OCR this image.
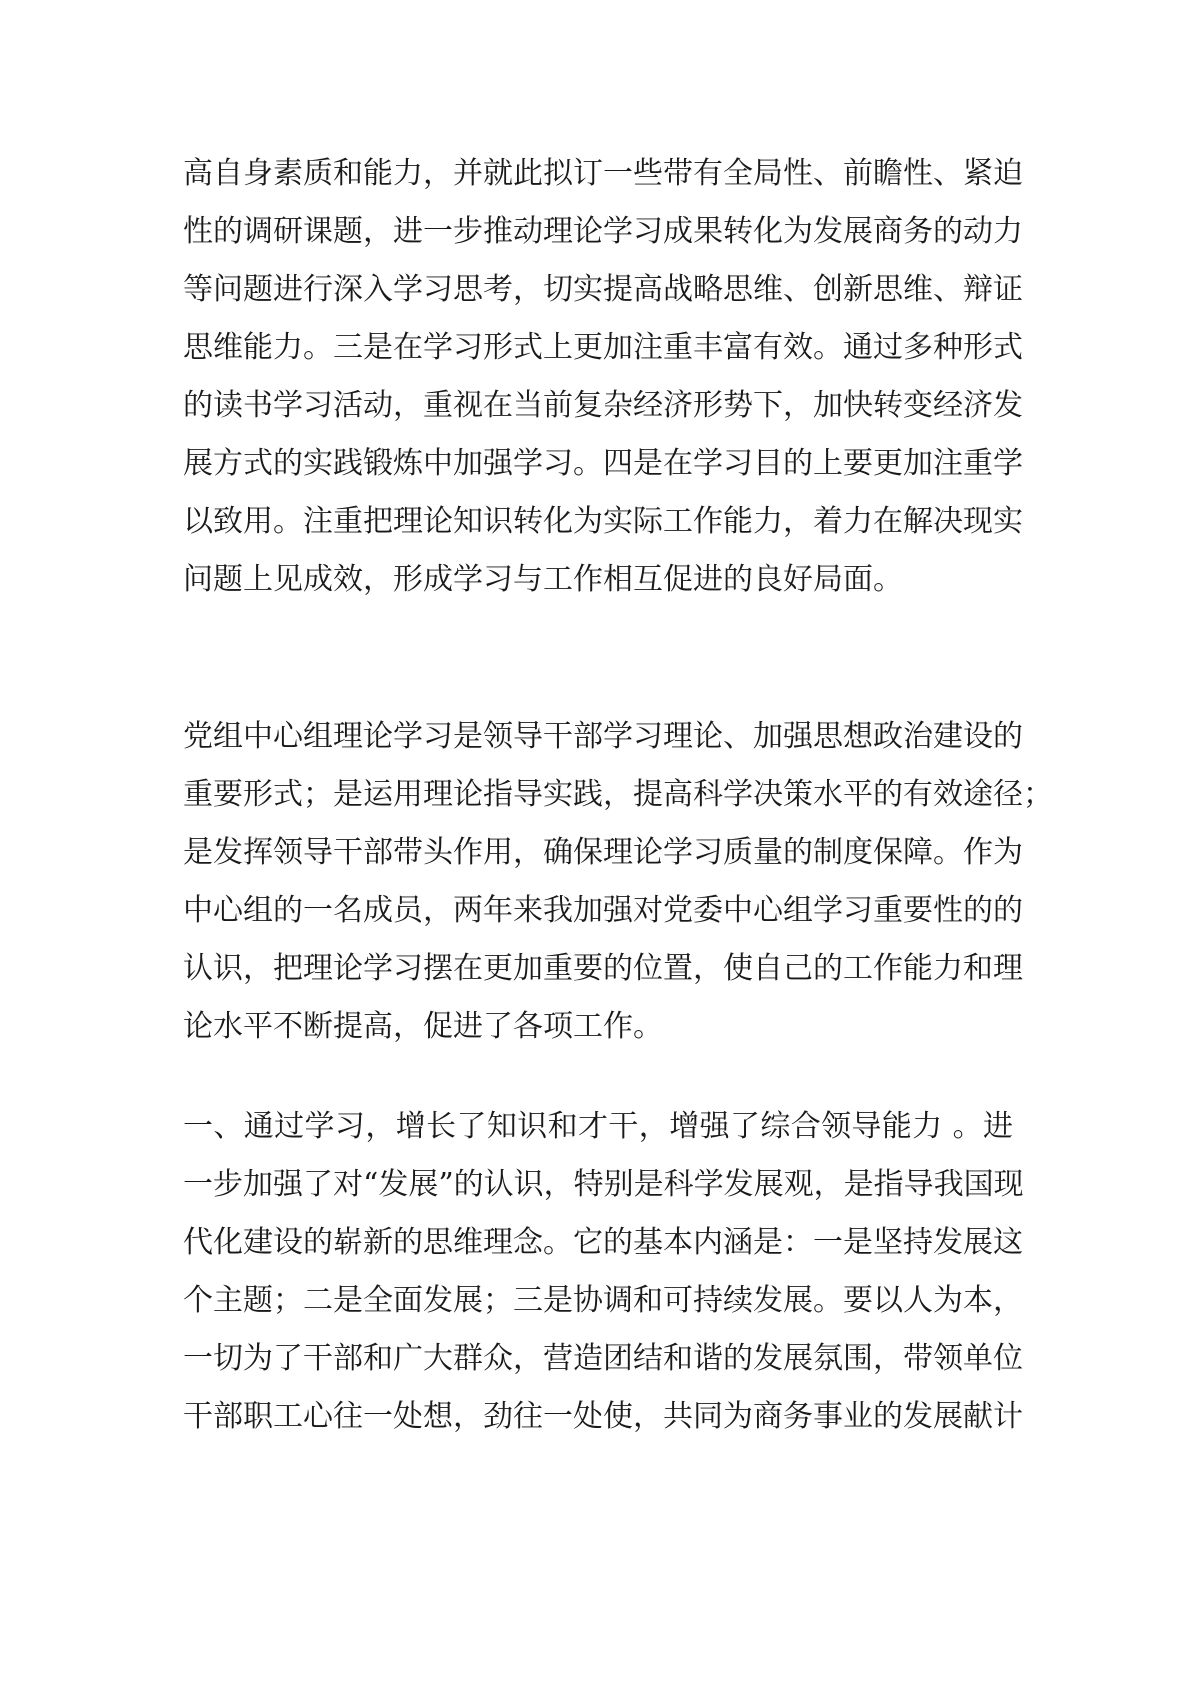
高自身素质和能力，并就此拟订一些带有全局性、前瞻性、紧迫
性的调研课题，进一步推动理论学习成果转化为发展商务的动力
等问题进行深入学习思考，切实提高战略思维、创新思维、辩证
思维能力。三是在学习形式上更加注重丰富有效。通过多种形式
的读书学习活动，重视在当前复杂经济形势下，加快转变经济发
展方式的实践锻炼中加强学习。四是在学习目的上要更加注重学
以致用。注重把理论知识转化为实际工作能力，着力在解决现实
问题上见成效，形成学习与工作相互促进的良好局面。
党组中心组理论学习是领导干部学习理论、加强思想政治建设的
重要形式；是运用理论指导实践，提高科学决策水平的有效途径；
是发挥领导干部带头作用，确保理论学习质量的制度保障。作为
中心组的一名成员，两年来我加强对党委中心组学习重要性的的
认识，把理论学习摆在更加重要的位置，使自己的工作能力和理
论水平不断提高，促进了各项工作。
一、通过学习，增长了知识和才干，增强了综合领导能力 。进
一步加强了对“发展”的认识，特别是科学发展观，是指导我国现
代化建设的崭新的思维理念。它的基本内涵是：一是坚持发展这
个主题；二是全面发展；三是协调和可持续发展。要以人为本，
一切为了干部和广大群众，营造团结和谐的发展氛围，带领单位
干部职工心往一处想，劲往一处使，共同为商务事业的发展献计
